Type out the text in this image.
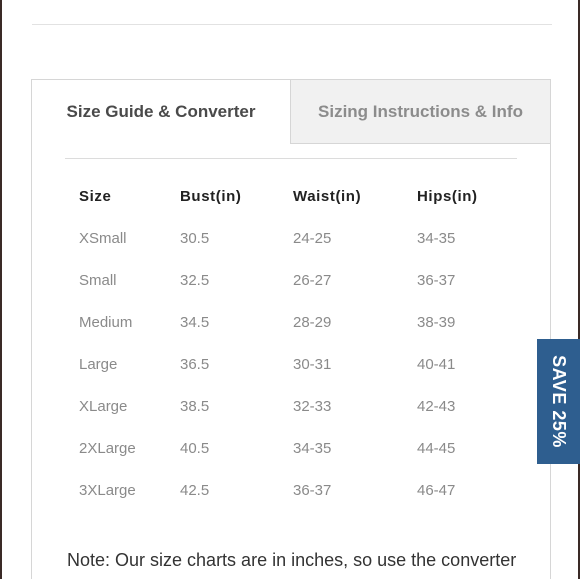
Size Guide & Converter	Sizing Instructions & Info
Size	Bust(in)	Waist(in)	Hips(in)
XSmall	30.5	24-25	34-35
Small	32.5	26-27	36-37
Medium	34.5	28-29	38-39
Large	36.5	30-31	40-41
XLarge	38.5	32-33	42-43
2XLarge	40.5	34-35	44-45
3XLarge	42.5	36-37	46-47
Note: Our size charts are in inches, so use the converter
SAVE 25%
